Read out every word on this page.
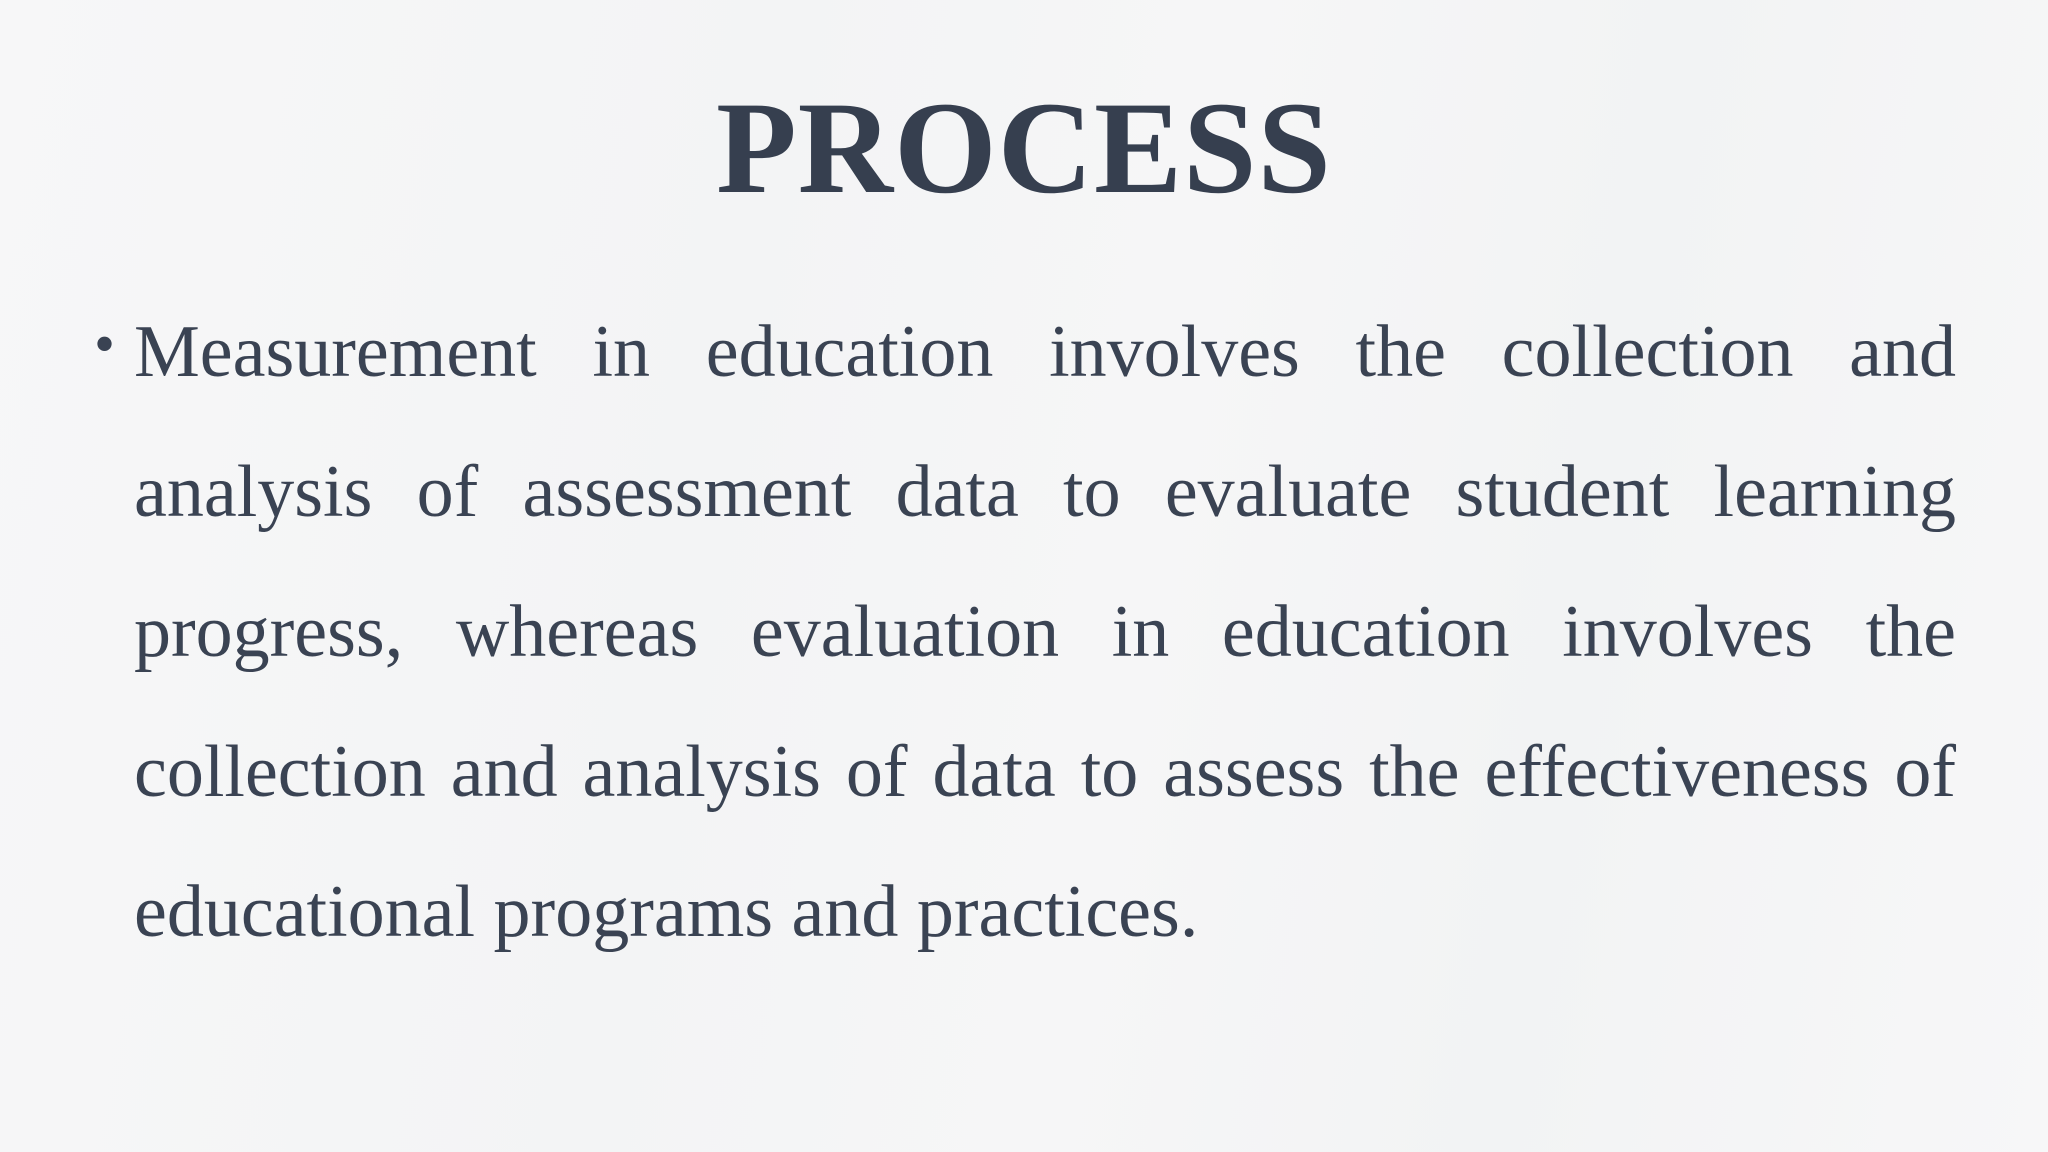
PROCESS
• Measurement in education involves the collection and analysis of assessment data to evaluate student learning progress, whereas evaluation in education involves the collection and analysis of data to assess the effectiveness of educational programs and practices.
